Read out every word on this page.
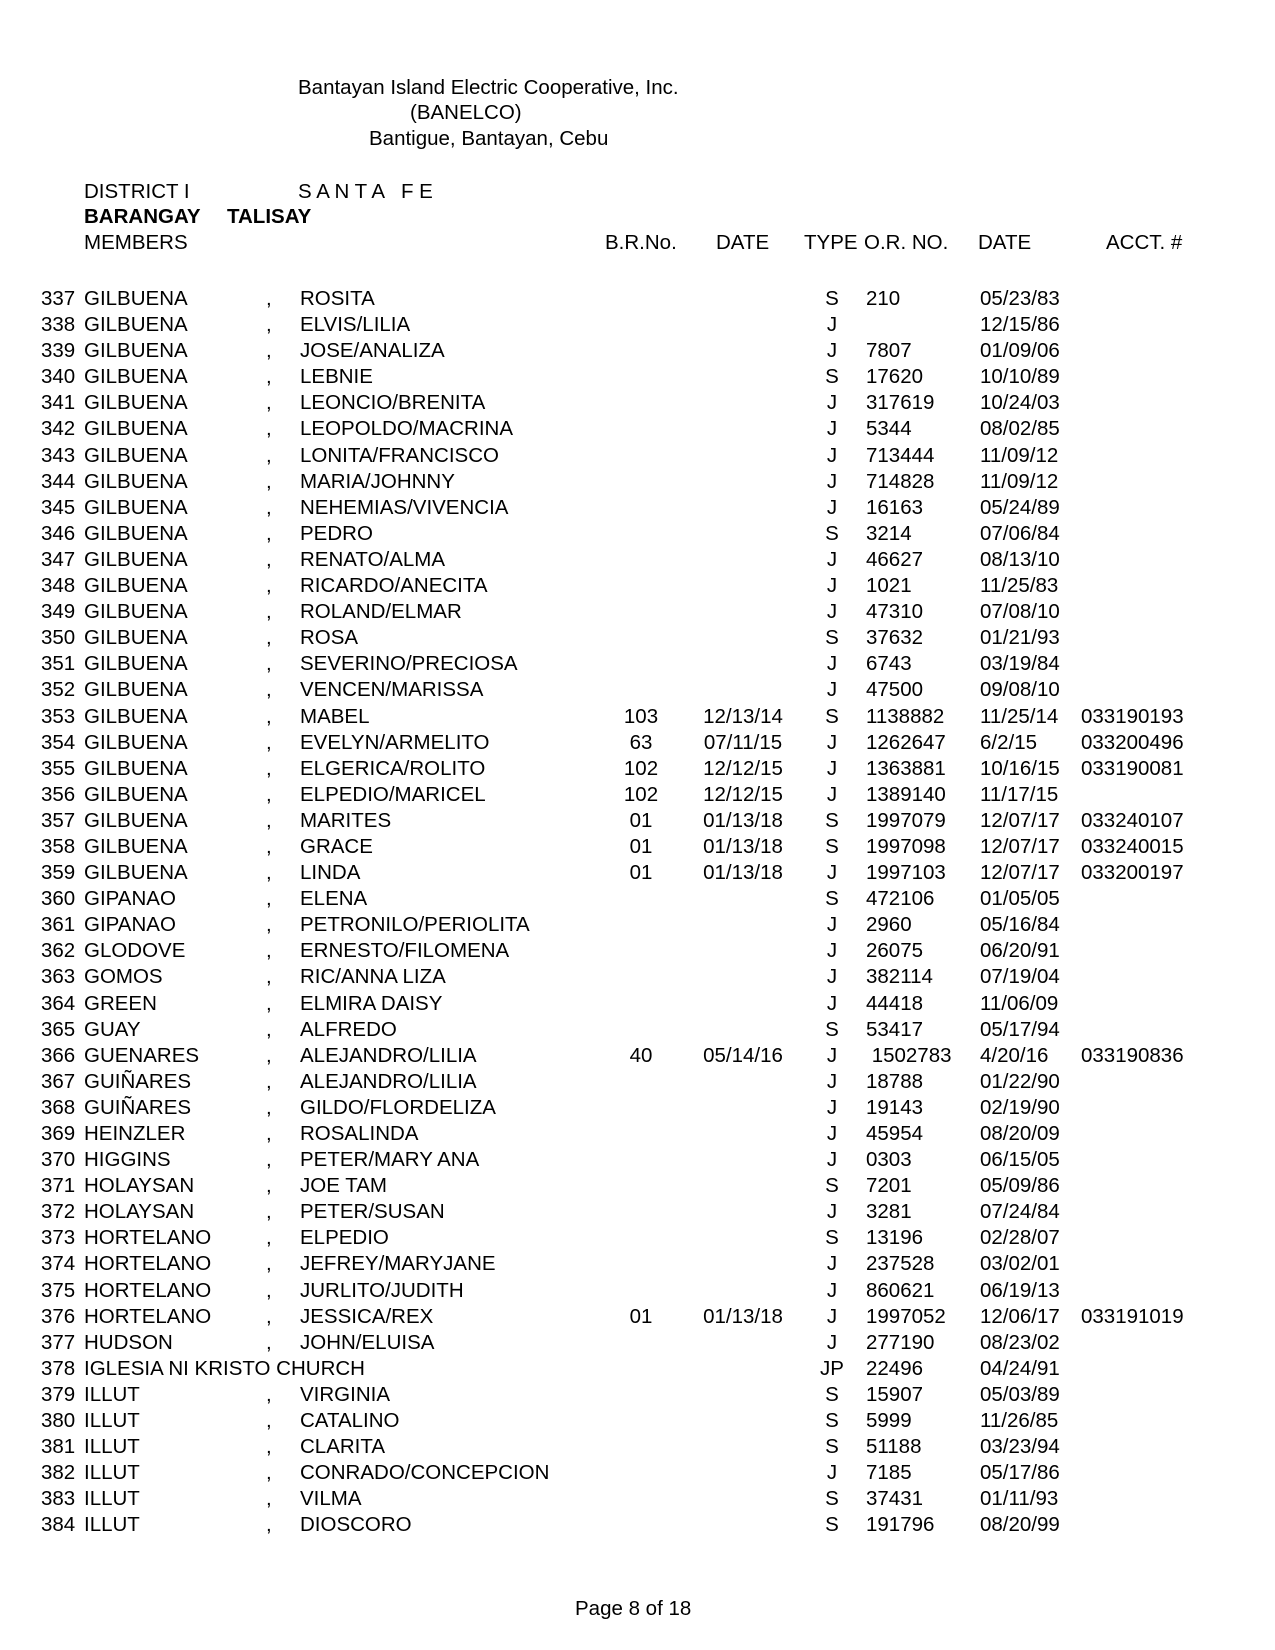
Bantayan Island Electric Cooperative, Inc.
(BANELCO)
Bantigue, Bantayan, Cebu
DISTRICT I	S A N T A   F E
BARANGAY TALISAY
MEMBERS	B.R.No. DATE TYPE O.R. NO. DATE	ACCT. #
337 GILBUENA	, ROSITA	S 210	05/23/83
338 GILBUENA	, ELVIS/LILIA	J	12/15/86
339 GILBUENA	, JOSE/ANALIZA	J 7807	01/09/06
340 GILBUENA	, LEBNIE	S 17620	10/10/89
341 GILBUENA	, LEONCIO/BRENITA	J 317619 10/24/03
342 GILBUENA	, LEOPOLDO/MACRINA	J 5344	08/02/85
343 GILBUENA	, LONITA/FRANCISCO	J 713444 11/09/12
344 GILBUENA	, MARIA/JOHNNY	J 714828 11/09/12
345 GILBUENA	, NEHEMIAS/VIVENCIA	J 16163	05/24/89
346 GILBUENA	, PEDRO	S 3214	07/06/84
347 GILBUENA	, RENATO/ALMA	J 46627	08/13/10
348 GILBUENA	, RICARDO/ANECITA	J 1021	11/25/83
349 GILBUENA	, ROLAND/ELMAR	J 47310	07/08/10
350 GILBUENA	, ROSA	S 37632	01/21/93
351 GILBUENA	, SEVERINO/PRECIOSA	J 6743	03/19/84
352 GILBUENA	, VENCEN/MARISSA	J 47500	09/08/10
353 GILBUENA	, MABEL	103 12/13/14 S 1138882 11/25/14 033190193
354 GILBUENA	, EVELYN/ARMELITO	63	07/11/15 J 1262647 6/2/15 033200496
355 GILBUENA	, ELGERICA/ROLITO	102 12/12/15 J 1363881 10/16/15 033190081
356 GILBUENA	, ELPEDIO/MARICEL	102 12/12/15 J 1389140 11/17/15
357 GILBUENA	, MARITES	01 01/13/18 S 1997079 12/07/17 033240107
358 GILBUENA	, GRACE	01 01/13/18 S 1997098 12/07/17 033240015
359 GILBUENA	, LINDA	01 01/13/18 J 1997103 12/07/17 033200197
360 GIPANAO	, ELENA	S 472106 01/05/05
361 GIPANAO	, PETRONILO/PERIOLITA	J 2960	05/16/84
362 GLODOVE	, ERNESTO/FILOMENA	J 26075	06/20/91
363 GOMOS	, RIC/ANNA LIZA	J 382114 07/19/04
364 GREEN	, ELMIRA DAISY	J 44418	11/06/09
365 GUAY	, ALFREDO	S 53417	05/17/94
366 GUENARES	, ALEJANDRO/LILIA	40 05/14/16 J 1502783 4/20/16 033190836
367 GUIÑARES	, ALEJANDRO/LILIA	J 18788	01/22/90
368 GUIÑARES	, GILDO/FLORDELIZA	J 19143	02/19/90
369 HEINZLER	, ROSALINDA	J 45954	08/20/09
370 HIGGINS	, PETER/MARY ANA	J 0303	06/15/05
371 HOLAYSAN	, JOE TAM	S 7201	05/09/86
372 HOLAYSAN	, PETER/SUSAN	J 3281	07/24/84
373 HORTELANO	, ELPEDIO	S 13196	02/28/07
374 HORTELANO	, JEFREY/MARYJANE	J 237528 03/02/01
375 HORTELANO	, JURLITO/JUDITH	J 860621 06/19/13
376 HORTELANO	, JESSICA/REX	01 01/13/18 J 1997052 12/06/17 033191019
377 HUDSON	, JOHN/ELUISA	J 277190 08/23/02
378 IGLESIA NI KRISTO CHURCH	JP 22496	04/24/91
379 ILLUT	, VIRGINIA	S 15907	05/03/89
380 ILLUT	, CATALINO	S 5999	11/26/85
381 ILLUT	, CLARITA	S 51188	03/23/94
382 ILLUT	, CONRADO/CONCEPCION	J 7185	05/17/86
383 ILLUT	, VILMA	S 37431	01/11/93
384 ILLUT	, DIOSCORO	S 191796 08/20/99
Page 8 of 18
